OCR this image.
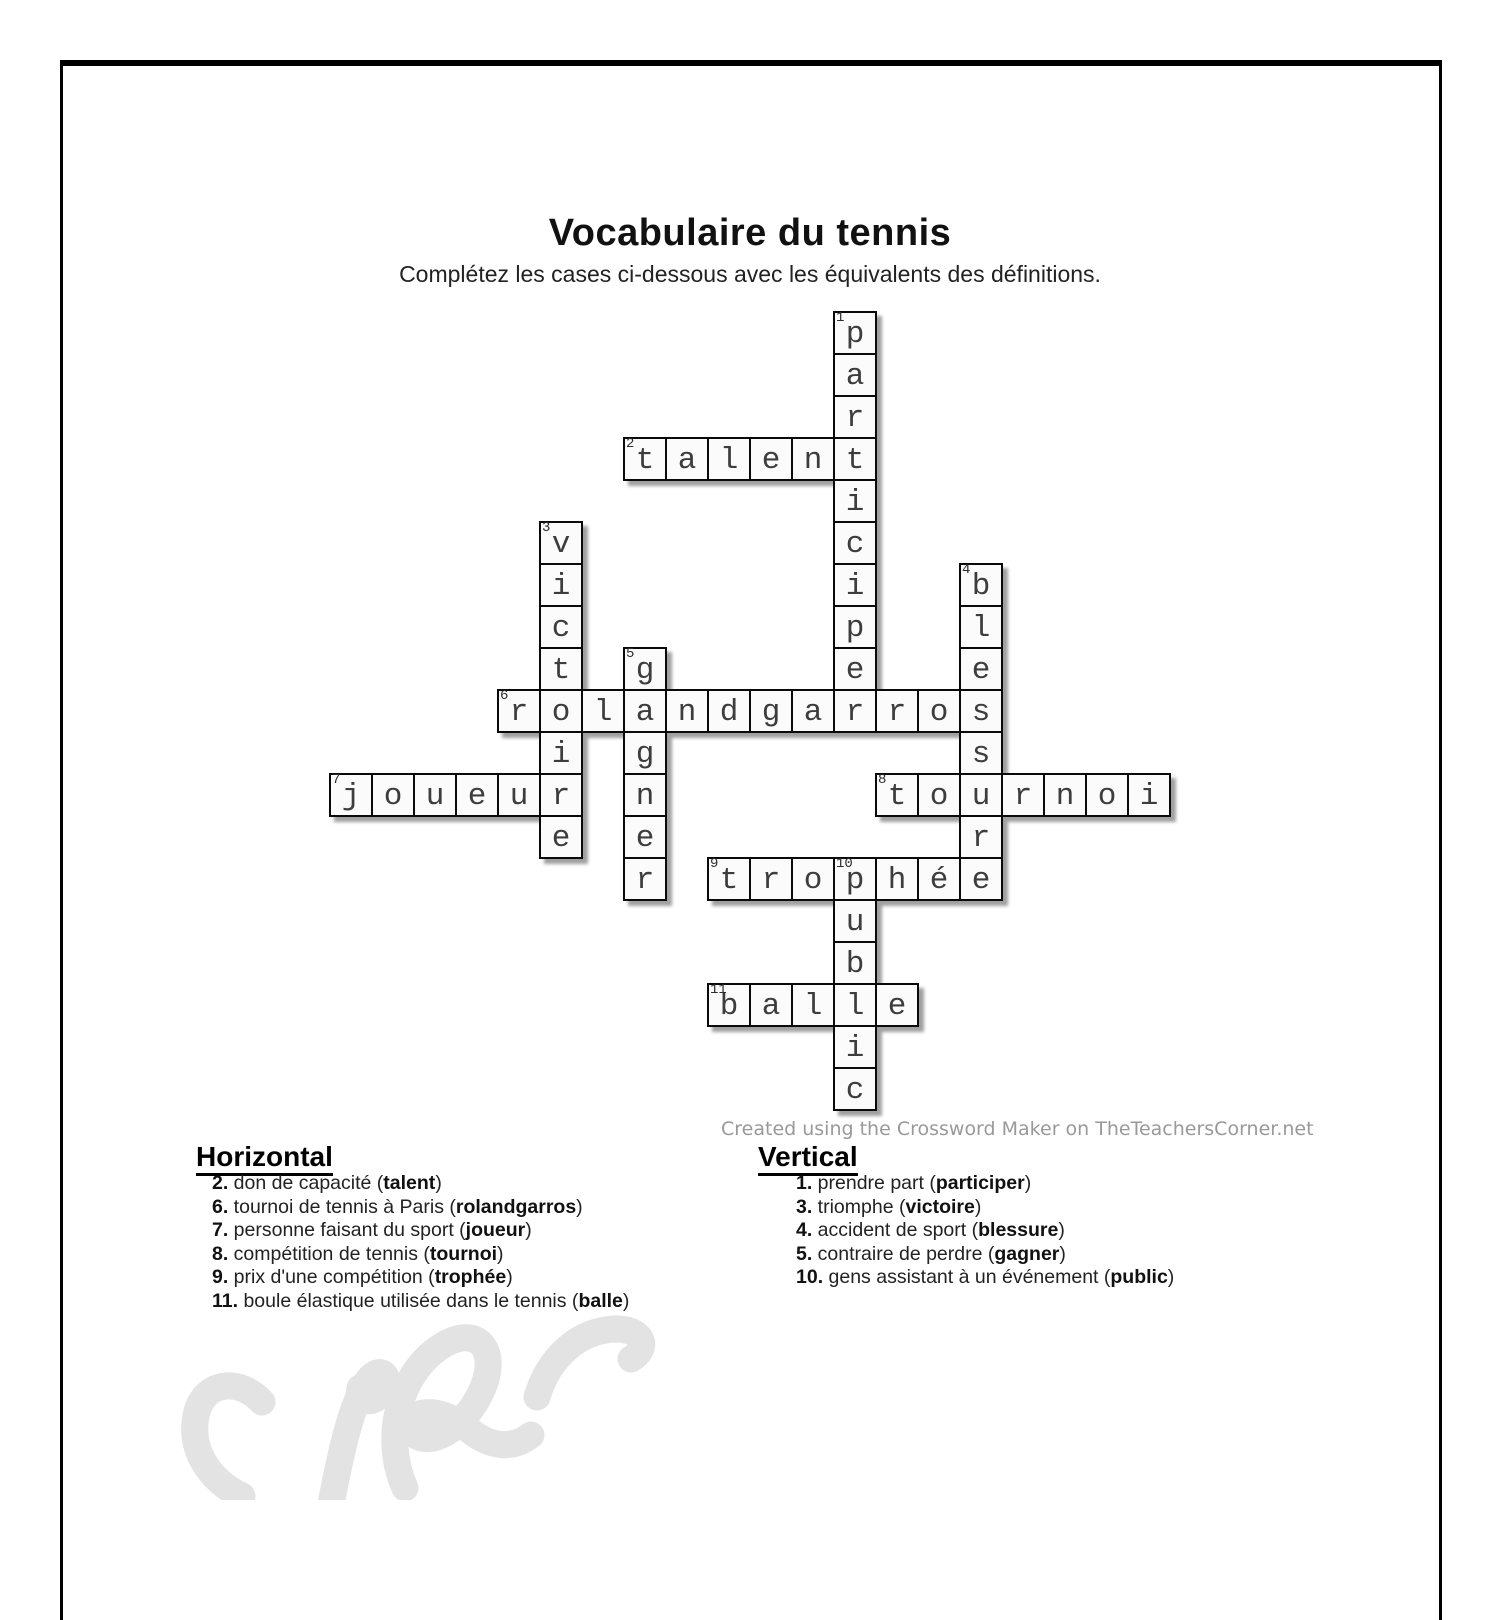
Vocabulaire du tennis
Complétez les cases ci-dessous avec les équivalents des définitions.
1 p
a
r
t
i
c
i
p
e
r
2 t a l e n
3 v
i
c
t
o
i
r
e
4 b
l
e
s
s
u
r
e
5 g
a
g
n
e
r
6 r	l	n d g a	r o
7 j o u e u	8 t o	r n o i
9 t r o 10
p h é
u
b
l
i
c
11
b a l	e
Created using the Crossword Maker on TheTeachersCorner.net
Horizontal
2. don de capacité (talent)
6. tournoi de tennis à Paris (rolandgarros)
7. personne faisant du sport (joueur)
8. compétition de tennis (tournoi)
9. prix d'une compétition (trophée)
11. boule élastique utilisée dans le tennis (balle)
Vertical
1. prendre part (participer)
3. triomphe (victoire)
4. accident de sport (blessure)
5. contraire de perdre (gagner)
10. gens assistant à un événement (public)
